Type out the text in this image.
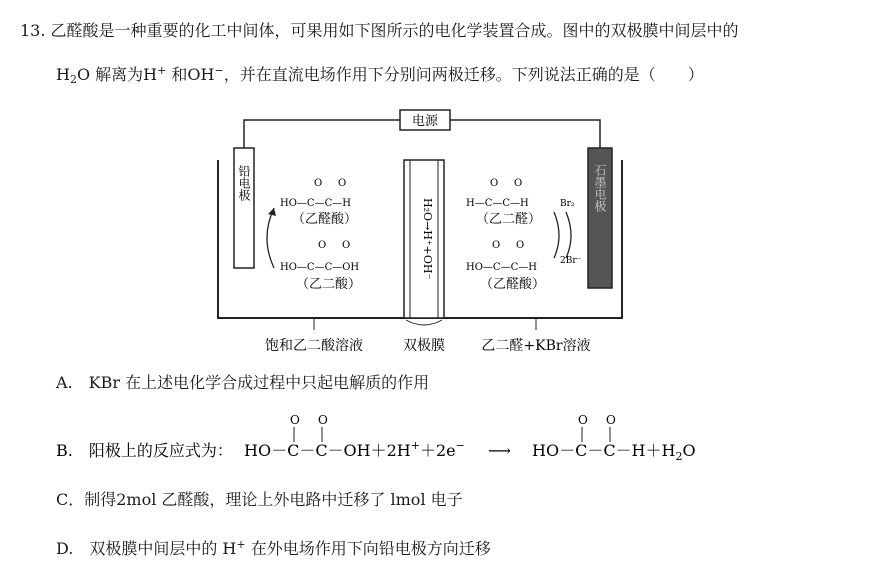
13. 乙醛酸是一种重要的化工中间体，可果用如下图所示的电化学装置合成。图中的双极膜中间层中的
$H_2O$ 解离为H+ 和OH−，并在直流电场作用下分别问两极迁移。下列说法正确的是（　　）
电源
H₂O→H⁺+OH⁻
铅电极	石墨电极
O O
HO—C—C—H
（乙醛酸）
O O
HO—C—C—OH
（乙二酸）
O O
H—C—C—H	Br₂
（乙二醛）
O O
HO—C—C—H
2Br⁻
（乙醛酸）
饱和乙二酸溶液	双极膜	乙二醛+KBr溶液
A.　KBr 在上述电化学合成过程中只起电解质的作用
B.　阳极上的反应式为：
O O
HO－C－C－OH＋2H+＋2e− ⟶
O O
$HO-C-C-H+H_2O$
C．制得2mol 乙醛酸，理论上外电路中迁移了 lmol 电子
D.　双极膜中间层中的 H+ 在外电场作用下向铅电极方向迁移
